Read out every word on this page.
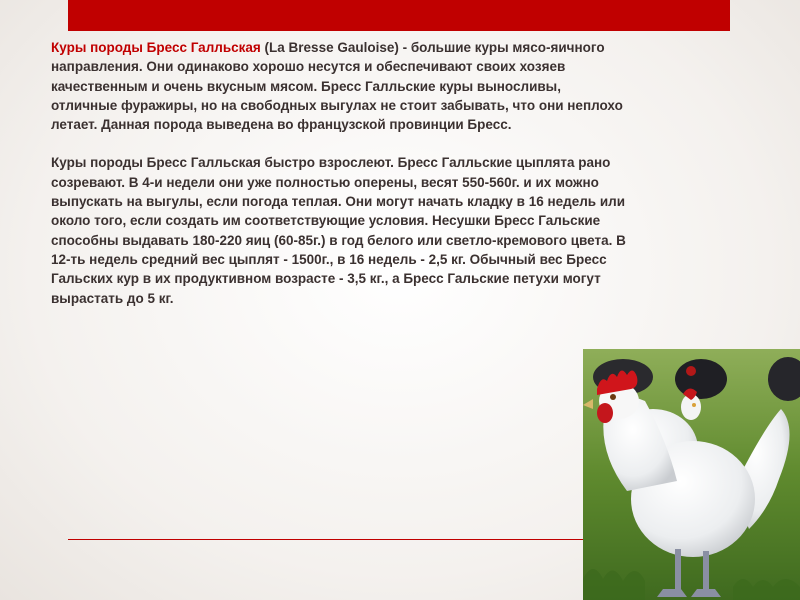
Куры породы Бресс Галльская (La Bresse Gauloise) - большие куры мясо-яичного направления. Они одинаково хорошо несутся и обеспечивают своих хозяев качественным и очень вкусным мясом. Бресс Галльские куры выносливы, отличные фуражиры, но на свободных выгулах не стоит забывать, что они неплохо летает. Данная порода выведена во французской провинции Бресс.

Куры породы Бресс Галльская быстро взрослеют. Бресс Галльские цыплята рано созревают. В 4-и недели они уже полностью оперены, весят 550-560г. и их можно выпускать на выгулы, если погода теплая. Они могут начать кладку в 16 недель или около того, если создать им соответствующие условия. Несушки Бресс Гальские способны выдавать 180-220 яиц (60-85г.) в год белого или светло-кремового цвета. В 12-ть недель средний вес цыплят - 1500г., в 16 недель - 2,5 кг. Обычный вес Бресс Гальских кур в их продуктивном возрасте - 3,5 кг., а Бресс Гальские петухи могут вырастать до 5 кг.
